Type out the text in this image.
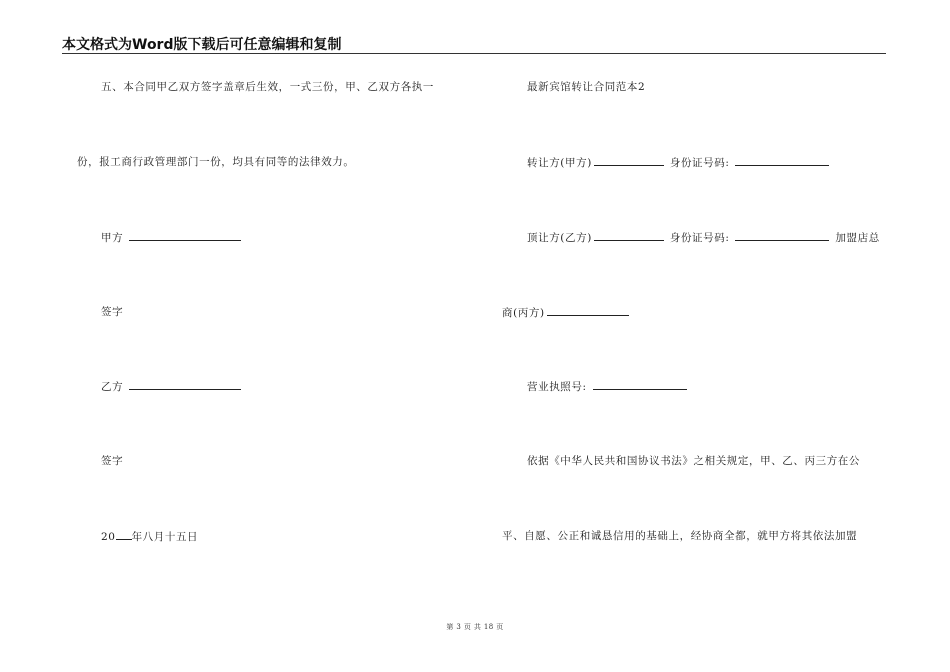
本文格式为Word版下载后可任意编辑和复制
五、本合同甲乙双方签字盖章后生效，一式三份，甲、乙双方各执一
份，报工商行政管理部门一份，均具有同等的法律效力。
甲方
签字
乙方
签字
20 年八月十五日
最新宾馆转让合同范本2
转让方(甲方)	身份证号码:
顶让方(乙方)	身份证号码:	加盟店总
商(丙方)
营业执照号:
依据《中华人民共和国协议书法》之相关规定，甲、乙、丙三方在公
平、自愿、公正和诚恳信用的基础上，经协商全都，就甲方将其依法加盟
第 3 页 共 18 页
